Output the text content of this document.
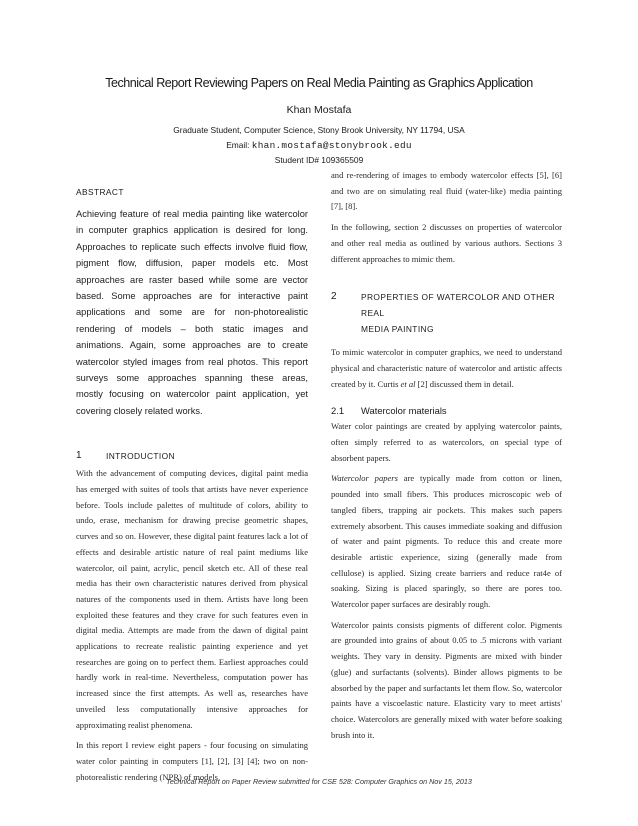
Technical Report Reviewing Papers on Real Media Painting as Graphics Application
Khan Mostafa
Graduate Student, Computer Science, Stony Brook University, NY 11794, USA
Email: khan.mostafa@stonybrook.edu
Student ID# 109365509
ABSTRACT

Achieving feature of real media painting like watercolor in computer graphics application is desired for long. Approaches to replicate such effects involve fluid flow, pigment flow, diffusion, paper models etc. Most approaches are raster based while some are vector based. Some approaches are for interactive paint applications and some are for non-photorealistic rendering of models – both static images and animations. Again, some approaches are to create watercolor styled images from real photos. This report surveys some approaches spanning these areas, mostly focusing on watercolor paint application, yet covering closely related works.

1	INTRODUCTION

With the advancement of computing devices, digital paint media has emerged with suites of tools that artists have never experience before. Tools include palettes of multitude of colors, ability to undo, erase, mechanism for drawing precise geometric shapes, curves and so on. However, these digital paint features lack a lot of effects and desirable artistic nature of real paint mediums like watercolor, oil paint, acrylic, pencil sketch etc. All of these real media has their own characteristic natures derived from physical natures of the components used in them. Artists have long been exploited these features and they crave for such features even in digital media. Attempts are made from the dawn of digital paint applications to recreate realistic painting experience and yet researches are going on to perfect them. Earliest approaches could hardly work in real-time. Nevertheless, computation power has increased since the first attempts. As well as, researches have unveiled less computationally intensive approaches for approximating realist phenomena.

In this report I review eight papers - four focusing on simulating water color painting in computers [1], [2], [3] [4]; two on non-photorealistic rendering (NPR) of models

and re-rendering of images to embody watercolor effects [5], [6] and two are on simulating real fluid (water-like) media painting [7], [8].

In the following, section 2 discusses on properties of watercolor and other real media as outlined by various authors. Sections 3 different approaches to mimic them.

2	PROPERTIES OF WATERCOLOR AND OTHER REAL
MEDIA PAINTING

To mimic watercolor in computer graphics, we need to understand physical and characteristic nature of watercolor and artistic affects created by it. Curtis et al [2] discussed them in detail.

2.1	Watercolor materials

Water color paintings are created by applying watercolor paints, often simply referred to as watercolors, on special type of absorbent papers.

Watercolor papers are typically made from cotton or linen, pounded into small fibers. This produces microscopic web of tangled fibers, trapping air pockets. This makes such papers extremely absorbent. This causes immediate soaking and diffusion of water and paint pigments. To reduce this and create more desirable artistic experience, sizing (generally made from cellulose) is applied. Sizing create barriers and reduce rat4e of soaking. Sizing is placed sparingly, so there are pores too. Watercolor paper surfaces are desirably rough.

Watercolor paints consists pigments of different color. Pigments are grounded into grains of about 0.05 to .5 microns with variant weights. They vary in density. Pigments are mixed with binder (glue) and surfactants (solvents). Binder allows pigments to be absorbed by the paper and surfactants let them flow. So, watercolor paints have a viscoelastic nature. Elasticity vary to meet artists' choice. Watercolors are generally mixed with water before soaking brush into it.

Technical Report on Paper Review submitted for CSE 528: Computer Graphics on Nov 15, 2013
